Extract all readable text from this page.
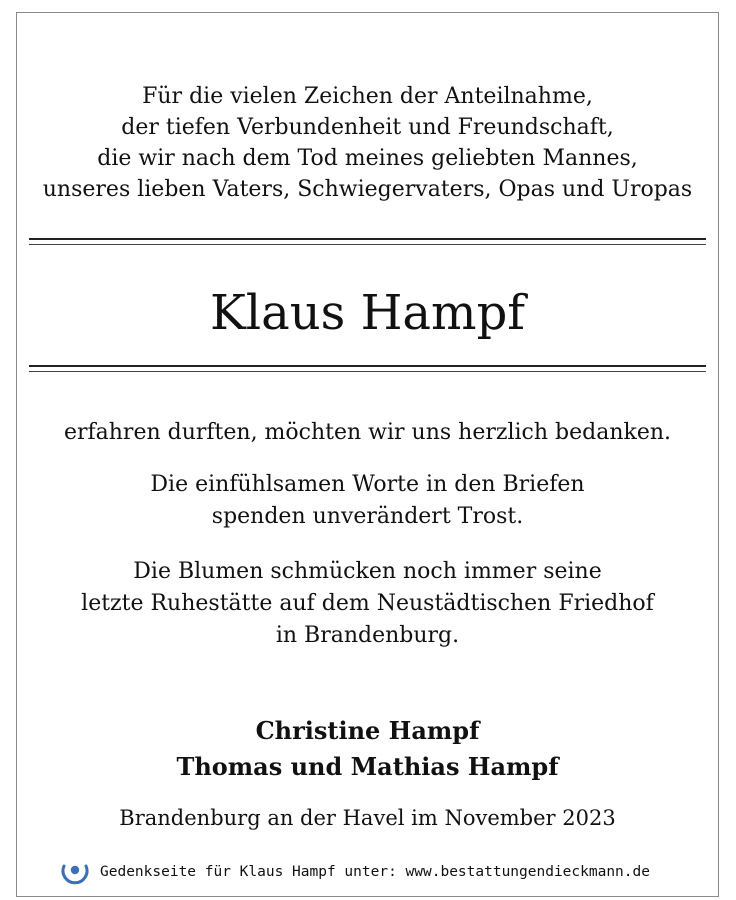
Für die vielen Zeichen der Anteilnahme,
der tiefen Verbundenheit und Freundschaft,
die wir nach dem Tod meines geliebten Mannes,
unseres lieben Vaters, Schwiegervaters, Opas und Uropas
Klaus Hampf
erfahren durften, möchten wir uns herzlich bedanken.
Die einfühlsamen Worte in den Briefen
spenden unverändert Trost.
Die Blumen schmücken noch immer seine
letzte Ruhestätte auf dem Neustädtischen Friedhof
in Brandenburg.
Christine Hampf
Thomas und Mathias Hampf
Brandenburg an der Havel im November 2023
Gedenkseite für Klaus Hampf unter: www.bestattungendieckmann.de
